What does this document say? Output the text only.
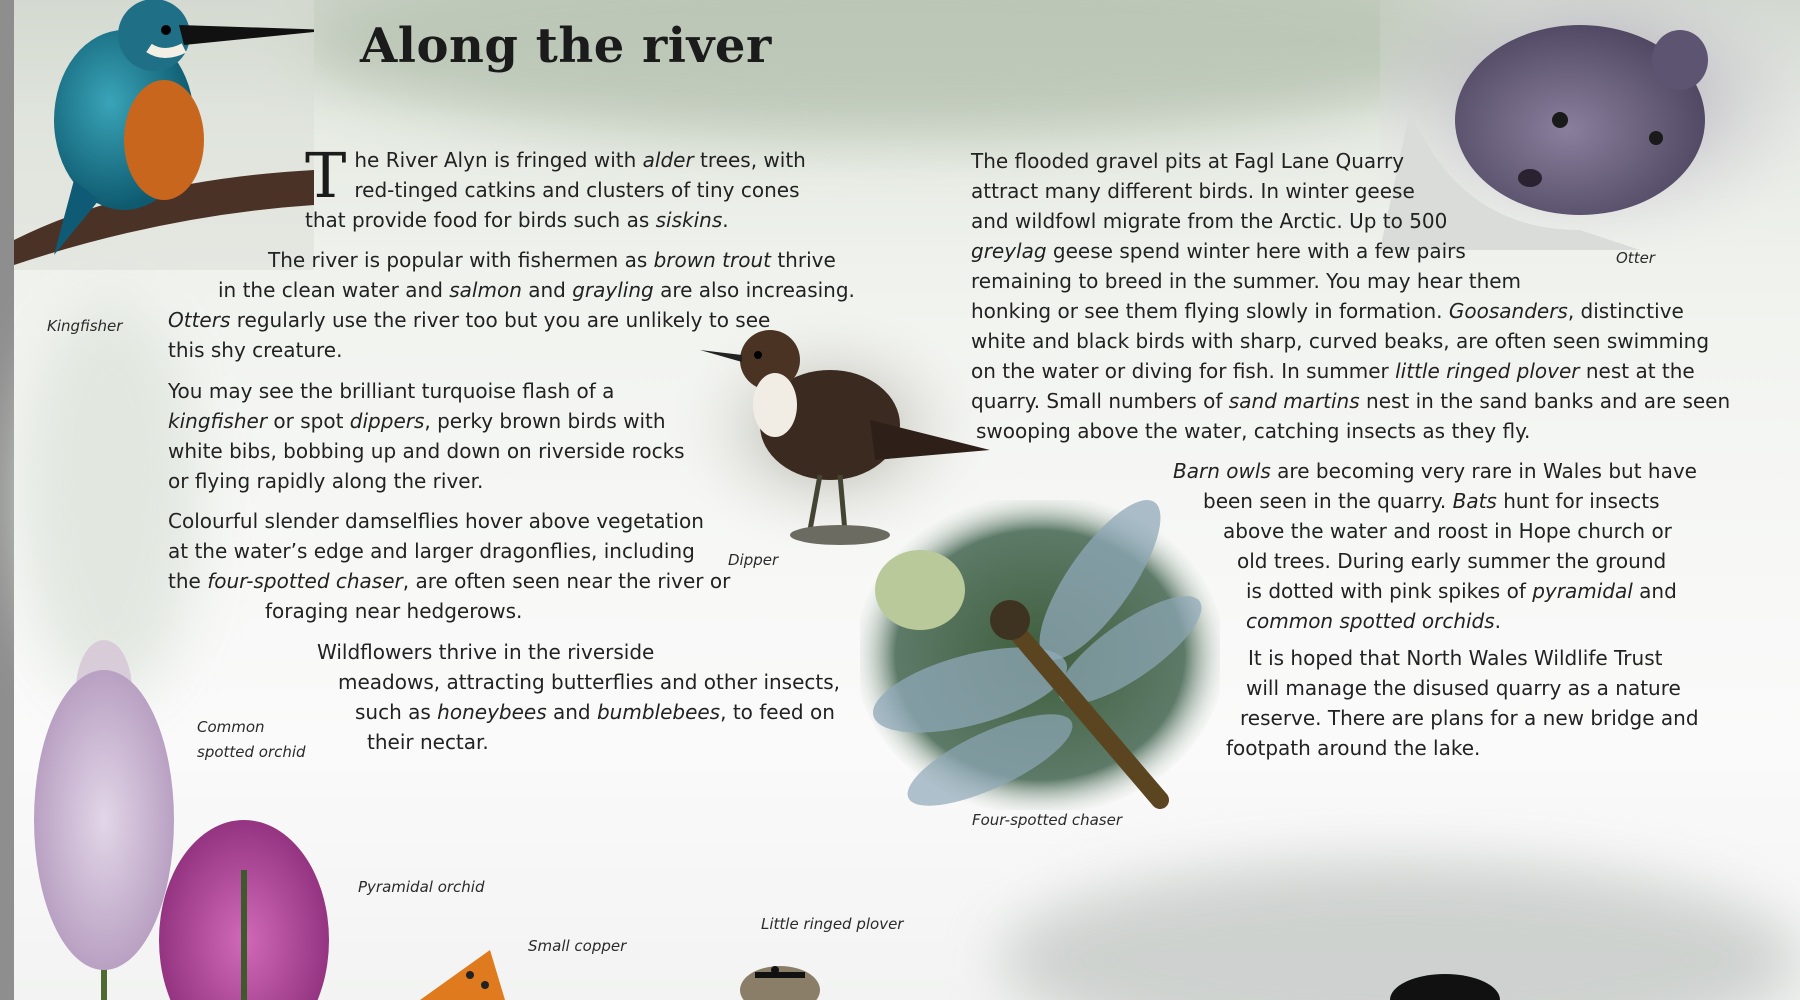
Kingfisher
Otter
Dipper
Four-spotted chaser
Common
spotted orchid
Pyramidal orchid
Small copper
Little ringed plover
Along the river
T he River Alyn is fringed with alder trees, with
red-tinged catkins and clusters of tiny cones
that provide food for birds such as siskins.
The river is popular with fishermen as brown trout thrive
in the clean water and salmon and grayling are also increasing.
Otters regularly use the river too but you are unlikely to see
this shy creature.
You may see the brilliant turquoise flash of a
kingfisher or spot dippers, perky brown birds with
white bibs, bobbing up and down on riverside rocks
or flying rapidly along the river.
Colourful slender damselflies hover above vegetation
at the water’s edge and larger dragonflies, including
the four-spotted chaser, are often seen near the river or
foraging near hedgerows.
Wildflowers thrive in the riverside
meadows, attracting butterflies and other insects,
such as honeybees and bumblebees, to feed on
their nectar.
The flooded gravel pits at Fagl Lane Quarry
attract many different birds. In winter geese
and wildfowl migrate from the Arctic. Up to 500
greylag geese spend winter here with a few pairs
remaining to breed in the summer. You may hear them
honking or see them flying slowly in formation. Goosanders, distinctive
white and black birds with sharp, curved beaks, are often seen swimming
on the water or diving for fish. In summer little ringed plover nest at the
quarry. Small numbers of sand martins nest in the sand banks and are seen
swooping above the water, catching insects as they fly.
Barn owls are becoming very rare in Wales but have
been seen in the quarry. Bats hunt for insects
above the water and roost in Hope church or
old trees. During early summer the ground
is dotted with pink spikes of pyramidal and
common spotted orchids.
It is hoped that North Wales Wildlife Trust
will manage the disused quarry as a nature
reserve. There are plans for a new bridge and
footpath around the lake.
